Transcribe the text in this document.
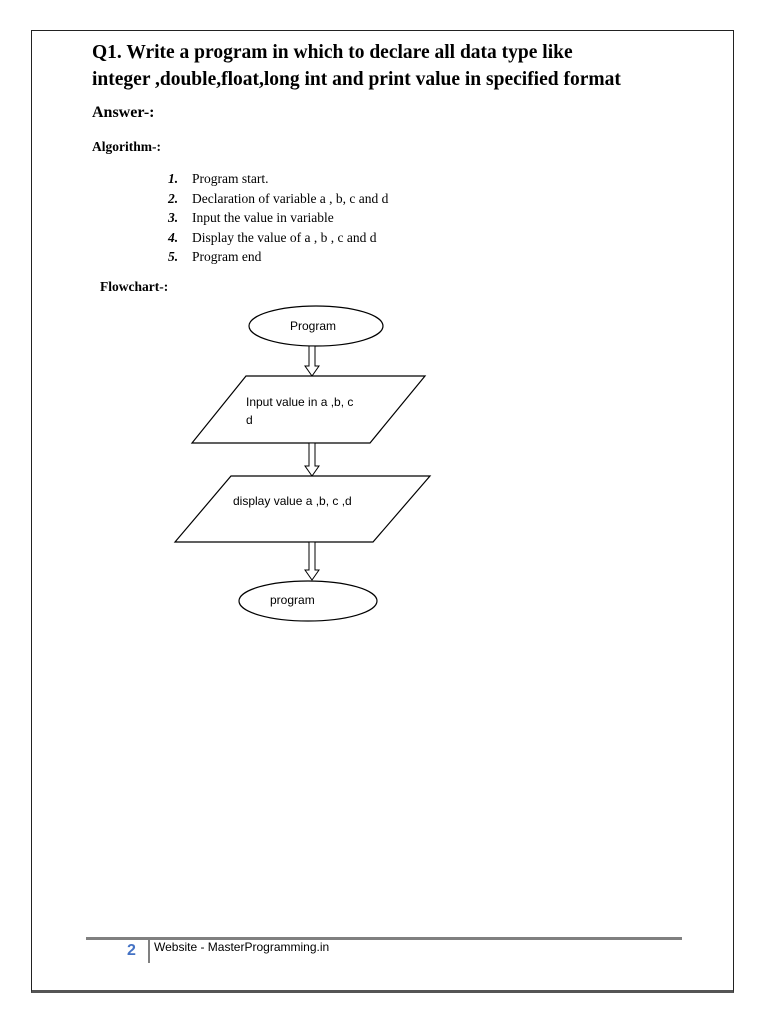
Q1. Write a program in which to declare all data type like
integer ,double,float,long int and print value in specified format
Answer-:
Algorithm-:
1.	Program start.
2.	Declaration of variable a , b, c and d
3.	Input the value in variable
4.	Display the value of a , b , c and d
5.	Program end
Flowchart-:
Program
Input value in a ,b, c
d
display value a ,b, c ,d
program
2 Website - MasterProgramming.in
